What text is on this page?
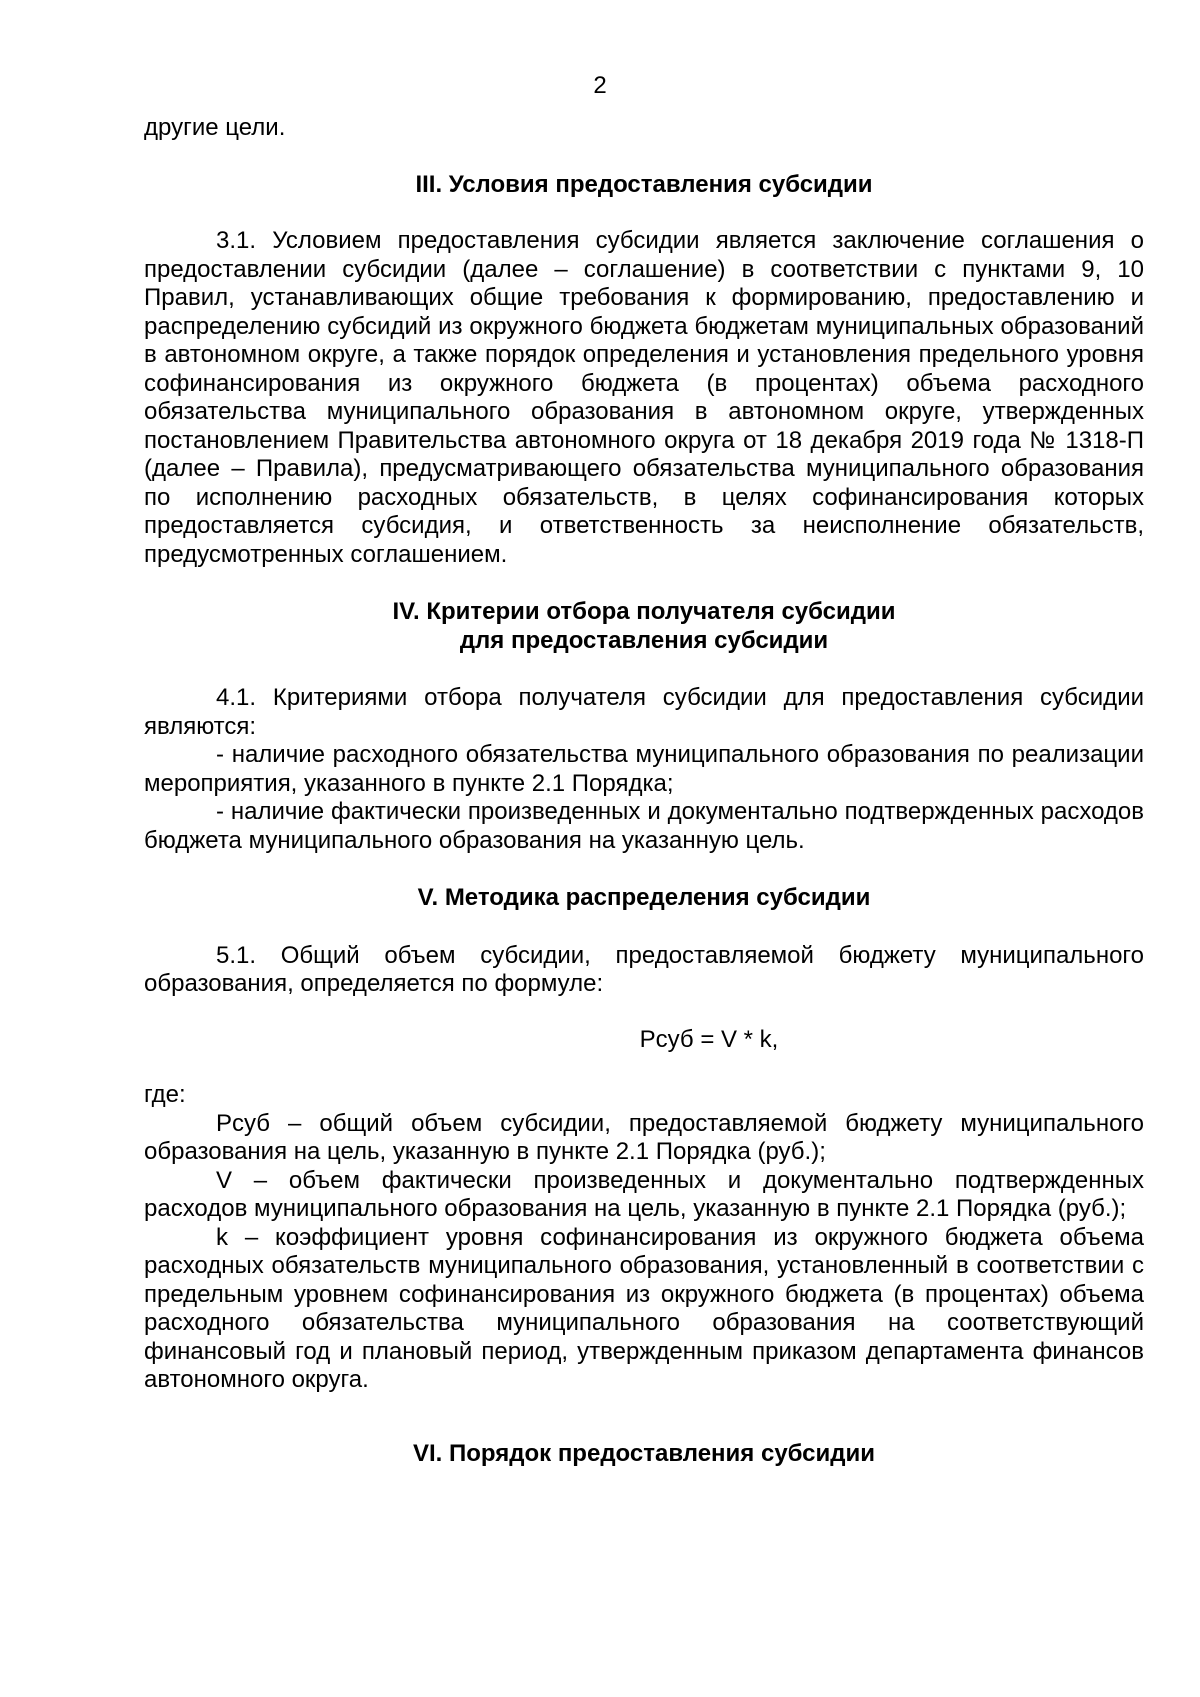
2

другие цели.

III. Условия предоставления субсидии

3.1. Условием предоставления субсидии является заключение соглашения о предоставлении субсидии (далее – соглашение) в соответствии с пунктами 9, 10 Правил, устанавливающих общие требования к формированию, предоставлению и распределению субсидий из окружного бюджета бюджетам муниципальных образований в автономном округе, а также порядок определения и установления предельного уровня софинансирования из окружного бюджета (в процентах) объема расходного обязательства муниципального образования в автономном округе, утвержденных постановлением Правительства автономного округа от 18 декабря 2019 года № 1318-П (далее – Правила), предусматривающего обязательства муниципального образования по исполнению расходных обязательств, в целях софинансирования которых предоставляется субсидия, и ответственность за неисполнение обязательств, предусмотренных соглашением.

IV. Критерии отбора получателя субсидии
для предоставления субсидии

4.1. Критериями отбора получателя субсидии для предоставления субсидии являются:

- наличие расходного обязательства муниципального образования по реализации мероприятия, указанного в пункте 2.1 Порядка;

- наличие фактически произведенных и документально подтвержденных расходов бюджета муниципального образования на указанную цель.

V. Методика распределения субсидии

5.1. Общий объем субсидии, предоставляемой бюджету муниципального образования, определяется по формуле:

Рсуб = V * k,

где:

Рсуб – общий объем субсидии, предоставляемой бюджету муниципального образования на цель, указанную в пункте 2.1 Порядка (руб.);

V – объем фактически произведенных и документально подтвержденных расходов муниципального образования на цель, указанную в пункте 2.1 Порядка (руб.);

k – коэффициент уровня софинансирования из окружного бюджета объема расходных обязательств муниципального образования, установленный в соответствии с предельным уровнем софинансирования из окружного бюджета (в процентах) объема расходного обязательства муниципального образования на соответствующий финансовый год и плановый период, утвержденным приказом департамента финансов автономного округа.

VI. Порядок предоставления субсидии
